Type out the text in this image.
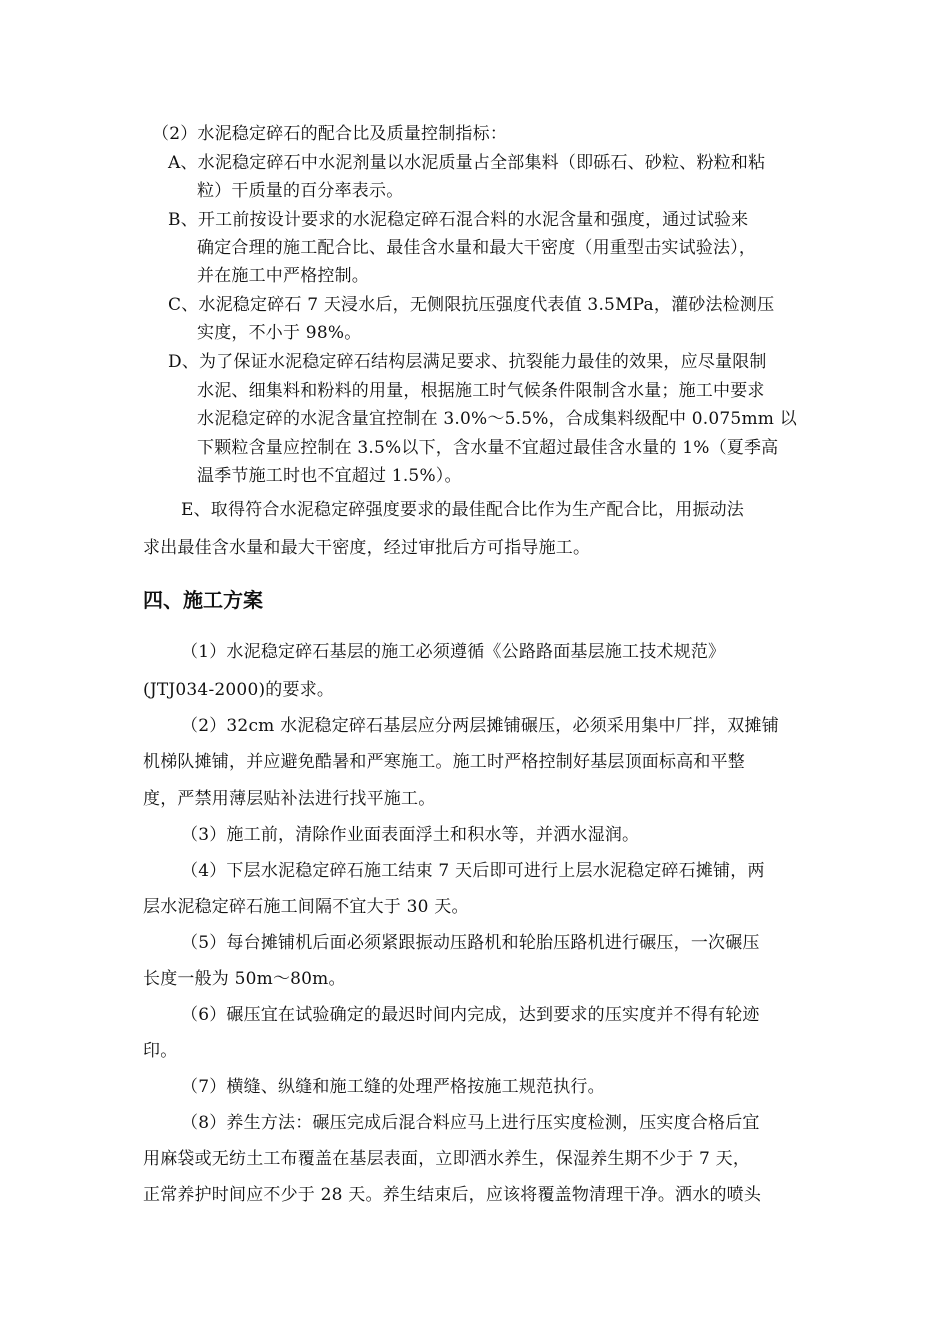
（2）水泥稳定碎石的配合比及质量控制指标：
A、水泥稳定碎石中水泥剂量以水泥质量占全部集料（即砾石、砂粒、粉粒和粘
粒）干质量的百分率表示。
B、开工前按设计要求的水泥稳定碎石混合料的水泥含量和强度，通过试验来
确定合理的施工配合比、最佳含水量和最大干密度（用重型击实试验法），
并在施工中严格控制。
C、水泥稳定碎石 7 天浸水后，无侧限抗压强度代表值 3.5MPa，灌砂法检测压
实度，不小于 98%。
D、为了保证水泥稳定碎石结构层满足要求、抗裂能力最佳的效果，应尽量限制
水泥、细集料和粉料的用量，根据施工时气候条件限制含水量；施工中要求
水泥稳定碎的水泥含量宜控制在 3.0%～5.5%，合成集料级配中 0.075mm 以
下颗粒含量应控制在 3.5%以下，含水量不宜超过最佳含水量的 1%（夏季高
温季节施工时也不宜超过 1.5%）。
E、取得符合水泥稳定碎强度要求的最佳配合比作为生产配合比，用振动法
求出最佳含水量和最大干密度，经过审批后方可指导施工。
四、施工方案
（1）水泥稳定碎石基层的施工必须遵循《公路路面基层施工技术规范》
(JTJ034-2000)的要求。
（2）32cm 水泥稳定碎石基层应分两层摊铺碾压，必须采用集中厂拌，双摊铺
机梯队摊铺，并应避免酷暑和严寒施工。施工时严格控制好基层顶面标高和平整
度，严禁用薄层贴补法进行找平施工。
（3）施工前，清除作业面表面浮土和积水等，并洒水湿润。
（4）下层水泥稳定碎石施工结束 7 天后即可进行上层水泥稳定碎石摊铺，两
层水泥稳定碎石施工间隔不宜大于 30 天。
（5）每台摊铺机后面必须紧跟振动压路机和轮胎压路机进行碾压，一次碾压
长度一般为 50m～80m。
（6）碾压宜在试验确定的最迟时间内完成，达到要求的压实度并不得有轮迹
印。
（7）横缝、纵缝和施工缝的处理严格按施工规范执行。
（8）养生方法：碾压完成后混合料应马上进行压实度检测，压实度合格后宜
用麻袋或无纺土工布覆盖在基层表面，立即洒水养生，保湿养生期不少于 7 天，
正常养护时间应不少于 28 天。养生结束后，应该将覆盖物清理干净。洒水的喷头
